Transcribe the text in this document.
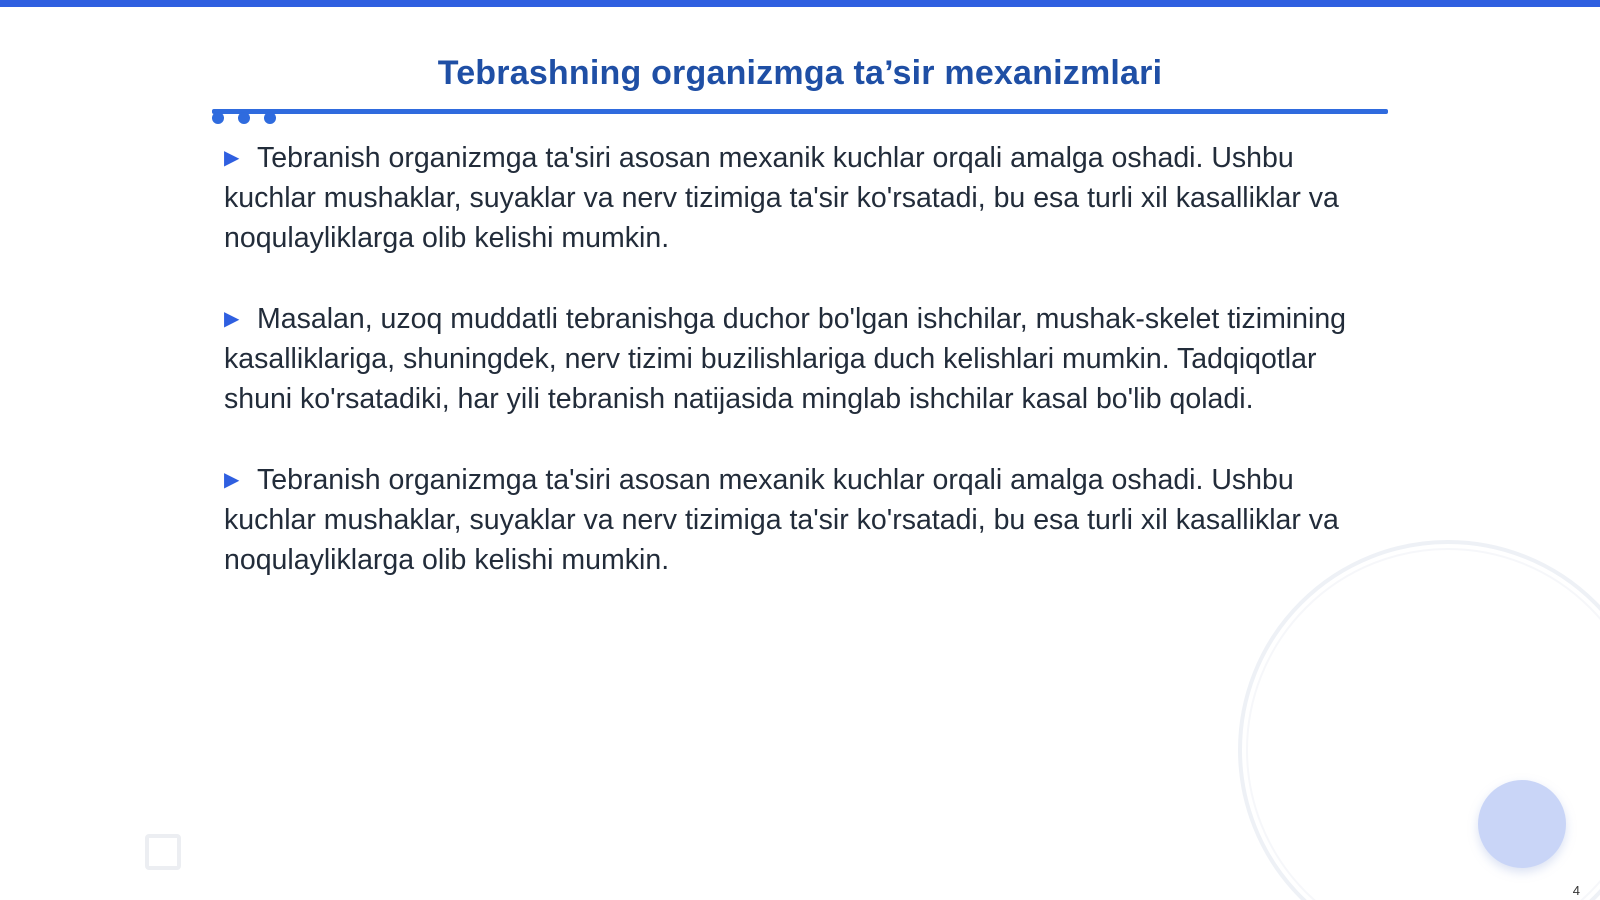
Tebrashning organizmga ta’sir mexanizmlari

▶ Tebranish organizmga ta'siri asosan mexanik kuchlar orqali amalga oshadi. Ushbu kuchlar mushaklar, suyaklar va nerv tizimiga ta'sir ko'rsatadi, bu esa turli xil kasalliklar va noqulayliklarga olib kelishi mumkin.

▶ Masalan, uzoq muddatli tebranishga duchor bo'lgan ishchilar, mushak-skelet tizimining kasalliklariga, shuningdek, nerv tizimi buzilishlariga duch kelishlari mumkin. Tadqiqotlar shuni ko'rsatadiki, har yili tebranish natijasida minglab ishchilar kasal bo'lib qoladi.

▶ Tebranish organizmga ta'siri asosan mexanik kuchlar orqali amalga oshadi. Ushbu kuchlar mushaklar, suyaklar va nerv tizimiga ta'sir ko'rsatadi, bu esa turli xil kasalliklar va noqulayliklarga olib kelishi mumkin.

4
